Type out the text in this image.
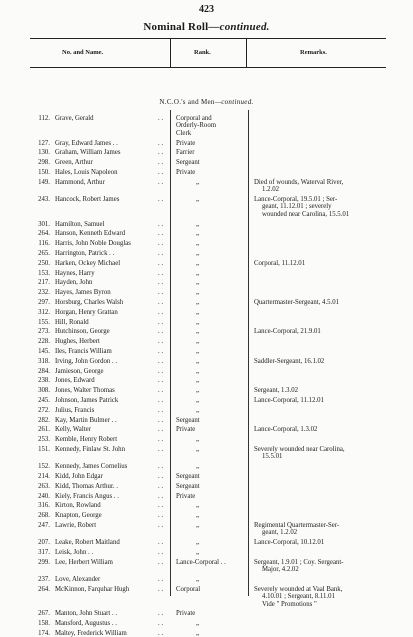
423
Nominal Roll—continued.
No. and Name.	Rank.	Remarks.
N.C.O.'s and Men—continued.
112. Grave, Gerald	. . Corporal and
Orderly-Room
Clerk
127. Gray, Edward James . .	. . Private
130. Graham, William James	. . Farrier
298. Green, Arthur	. . Sergeant
150. Hales, Louis Napoleon	. . Private
149. Hammond, Arthur	. .	„	Died of wounds, Waterval River,
1.2.02
243. Hancock, Robert James	. .	„	Lance-Corporal, 19.5.01 ; Ser-
geant, 11.12.01 ; severely
wounded near Carolina, 15.5.01
301. Hamilton, Samuel	. .	„
264. Hanson, Kenneth Edward	. .	„
116. Harris, John Noble Douglas	. .	„
265. Harrington, Patrick . .	. .	„
250. Harken, Ockey Michael	. .	„	Corporal, 11.12.01
153. Haynes, Harry	. .	„
217. Hayden, John	. .	„
232. Hayes, James Byron	. .	„
297. Horsburg, Charles Walsh	. .	„	Quartermaster-Sergeant, 4.5.01
312. Horgan, Henry Grattan	. .	„
155. Hill, Ronald	. .	„
273. Hutchinson, George	. .	„	Lance-Corporal, 21.9.01
228. Hughes, Herbert	. .	„
145. Iles, Francis William	. .	„
318. Irving, John Gordon . .	. .	„	Saddler-Sergeant, 16.1.02
284. Jamieson, George	. .	„
238. Jones, Edward	. .	„
308. Jones, Walter Thomas	. .	„	Sergeant, 1.3.02
245. Johnson, James Patrick	. .	„	Lance-Corporal, 11.12.01
272. Julius, Francis	. .	„
282. Kay, Martin Bulmer . .	. . Sergeant
261. Kelly, Walter	. . Private	Lance-Corporal, 1.3.02
253. Kemble, Henry Robert	. .	„
151. Kennedy, Finlaw St. John	. .	„	Severely wounded near Carolina,
15.5.01
152. Kennedy, James Cornelius	. .	„
214. Kidd, John Edgar	. . Sergeant
263. Kidd, Thomas Arthur. .	. . Sergeant
240. Kiely, Francis Angus . .	. . Private
316. Kirton, Rowland	. .	„
268. Knapton, George	. .	„
247. Lawrie, Robert	. .	„	Regimental Quartermaster-Ser-
geant, 1.2.02
207. Leake, Robert Maitland	. .	„	Lance-Corporal, 10.12.01
317. Leisk, John . .	. .	„
299. Lee, Herbert William	. . Lance-Corporal . .	Sergeant, 1.9.01 ; Coy. Sergeant-
Major, 4.2.02
237. Love, Alexander	. .	„
264. McKinnon, Farquhar Hugh	. . Corporal	Severely wounded at Vaal Bank,
4.10.01 ; Sergeant, 8.11.01
Vide " Promotions "
267. Manton, John Stuart . .	. . Private
158. Mansford, Augustus . .	. .	„
174. Maltey, Frederick William	. .	„
